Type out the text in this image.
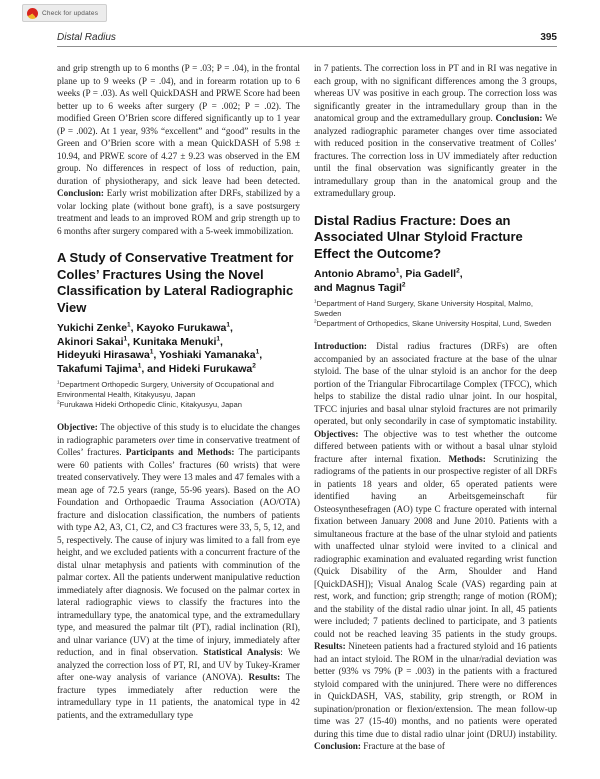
Check for updates
Distal Radius	395

and grip strength up to 6 months (P = .03; P = .04), in the frontal plane up to 9 weeks (P = .04), and in forearm rotation up to 6 weeks (P = .03). As well QuickDASH and PRWE Score had been better up to 6 weeks after surgery (P = .002; P = .02). The modified Green O’Brien score differed significantly up to 1 year (P = .002). At 1 year, 93% “excellent” and “good” results in the Green and O’Brien score with a mean QuickDASH of 5.98 ± 10.94, and PRWE score of 4.27 ± 9.23 was observed in the EM group. No differences in respect of loss of reduction, pain, duration of physiotherapy, and sick leave had been detected. Conclusion: Early wrist mobilization after DRFs, stabilized by a volar locking plate (without bone graft), is a save postsurgery treatment and leads to an improved ROM and grip strength up to 6 months after surgery compared with a 5-week immobilization.

A Study of Conservative Treatment for Colles’ Fractures Using the Novel Classification by Lateral Radiographic View

Yukichi Zenke$^1$, Kayoko Furukawa$^1$,
Akinori Sakai$^1$, Kunitaka Menuki$^1$,
Hideyuki Hirasawa$^1$, Yoshiaki Yamanaka$^1$,
Takafumi Tajima$^1$, and Hideki Furukawa$^2$

$^1$Department Orthopedic Surgery, University of Occupational and Environmental Health, Kitakyusyu, Japan
$^2$Furukawa Hideki Orthopedic Clinic, Kitakyusyu, Japan

Objective: The objective of this study is to elucidate the changes in radiographic parameters over time in conservative treatment of Colles’ fractures. Participants and Methods: The participants were 60 patients with Colles’ fractures (60 wrists) that were treated conservatively. They were 13 males and 47 females with a mean age of 72.5 years (range, 55-96 years). Based on the AO Foundation and Orthopaedic Trauma Association (AO/OTA) fracture and dislocation classification, the numbers of patients with type A2, A3, C1, C2, and C3 fractures were 33, 5, 5, 12, and 5, respectively. The cause of injury was limited to a fall from eye height, and we excluded patients with a concurrent fracture of the distal ulnar metaphysis and patients with comminution of the palmar cortex. All the patients underwent manipulative reduction immediately after diagnosis. We focused on the palmar cortex in lateral radiographic views to classify the fractures into the intramedullary type, the anatomical type, and the extramedullary type, and measured the palmar tilt (PT), radial inclination (RI), and ulnar variance (UV) at the time of injury, immediately after reduction, and in final observation. Statistical Analysis: We analyzed the correction loss of PT, RI, and UV by Tukey-Kramer after one-way analysis of variance (ANOVA). Results: The fracture types immediately after reduction were the intramedullary type in 11 patients, the anatomical type in 42 patients, and the extramedullary type

in 7 patients. The correction loss in PT and in RI was negative in each group, with no significant differences among the 3 groups, whereas UV was positive in each group. The correction loss was significantly greater in the intramedullary group than in the anatomical group and the extramedullary group. Conclusion: We analyzed radiographic parameter changes over time associated with reduced position in the conservative treatment of Colles’ fractures. The correction loss in UV immediately after reduction until the final observation was significantly greater in the intramedullary group than in the anatomical group and the extramedullary group.

Distal Radius Fracture: Does an Associated Ulnar Styloid Fracture Effect the Outcome?

Antonio Abramo$^1$, Pia Gadell$^2$,
and Magnus Tagil$^2$

$^1$Department of Hand Surgery, Skane University Hospital, Malmo, Sweden
$^2$Department of Orthopedics, Skane University Hospital, Lund, Sweden

Introduction: Distal radius fractures (DRFs) are often accompanied by an associated fracture at the base of the ulnar styloid. The base of the ulnar styloid is an anchor for the deep portion of the Triangular Fibrocartilage Complex (TFCC), which helps to stabilize the distal radio ulnar joint. In our hospital, TFCC injuries and basal ulnar styloid fractures are not primarily operated, but only secondarily in case of symptomatic instability. Objectives: The objective was to test whether the outcome differed between patients with or without a basal ulnar styloid fracture after internal fixation. Methods: Scrutinizing the radiograms of the patients in our prospective register of all DRFs in patients 18 years and older, 65 operated patients were identified having an Arbeitsgemeinschaft für Osteosynthesefragen (AO) type C fracture operated with internal fixation between January 2008 and June 2010. Patients with a simultaneous fracture at the base of the ulnar styloid and patients with unaffected ulnar styloid were invited to a clinical and radiographic examination and evaluated regarding wrist function (Quick Disability of the Arm, Shoulder and Hand [QuickDASH]); Visual Analog Scale (VAS) regarding pain at rest, work, and function; grip strength; range of motion (ROM); and the stability of the distal radio ulnar joint. In all, 45 patients were included; 7 patients declined to participate, and 3 patients could not be reached leaving 35 patients in the study groups. Results: Nineteen patients had a fractured styloid and 16 patients had an intact styloid. The ROM in the ulnar/radial deviation was better (93% vs 79% (P = .003) in the patients with a fractured styloid compared with the uninjured. There were no differences in QuickDASH, VAS, stability, grip strength, or ROM in supination/pronation or flexion/extension. The mean follow-up time was 27 (15-40) months, and no patients were operated during this time due to distal radio ulnar joint (DRUJ) instability. Conclusion: Fracture at the base of
